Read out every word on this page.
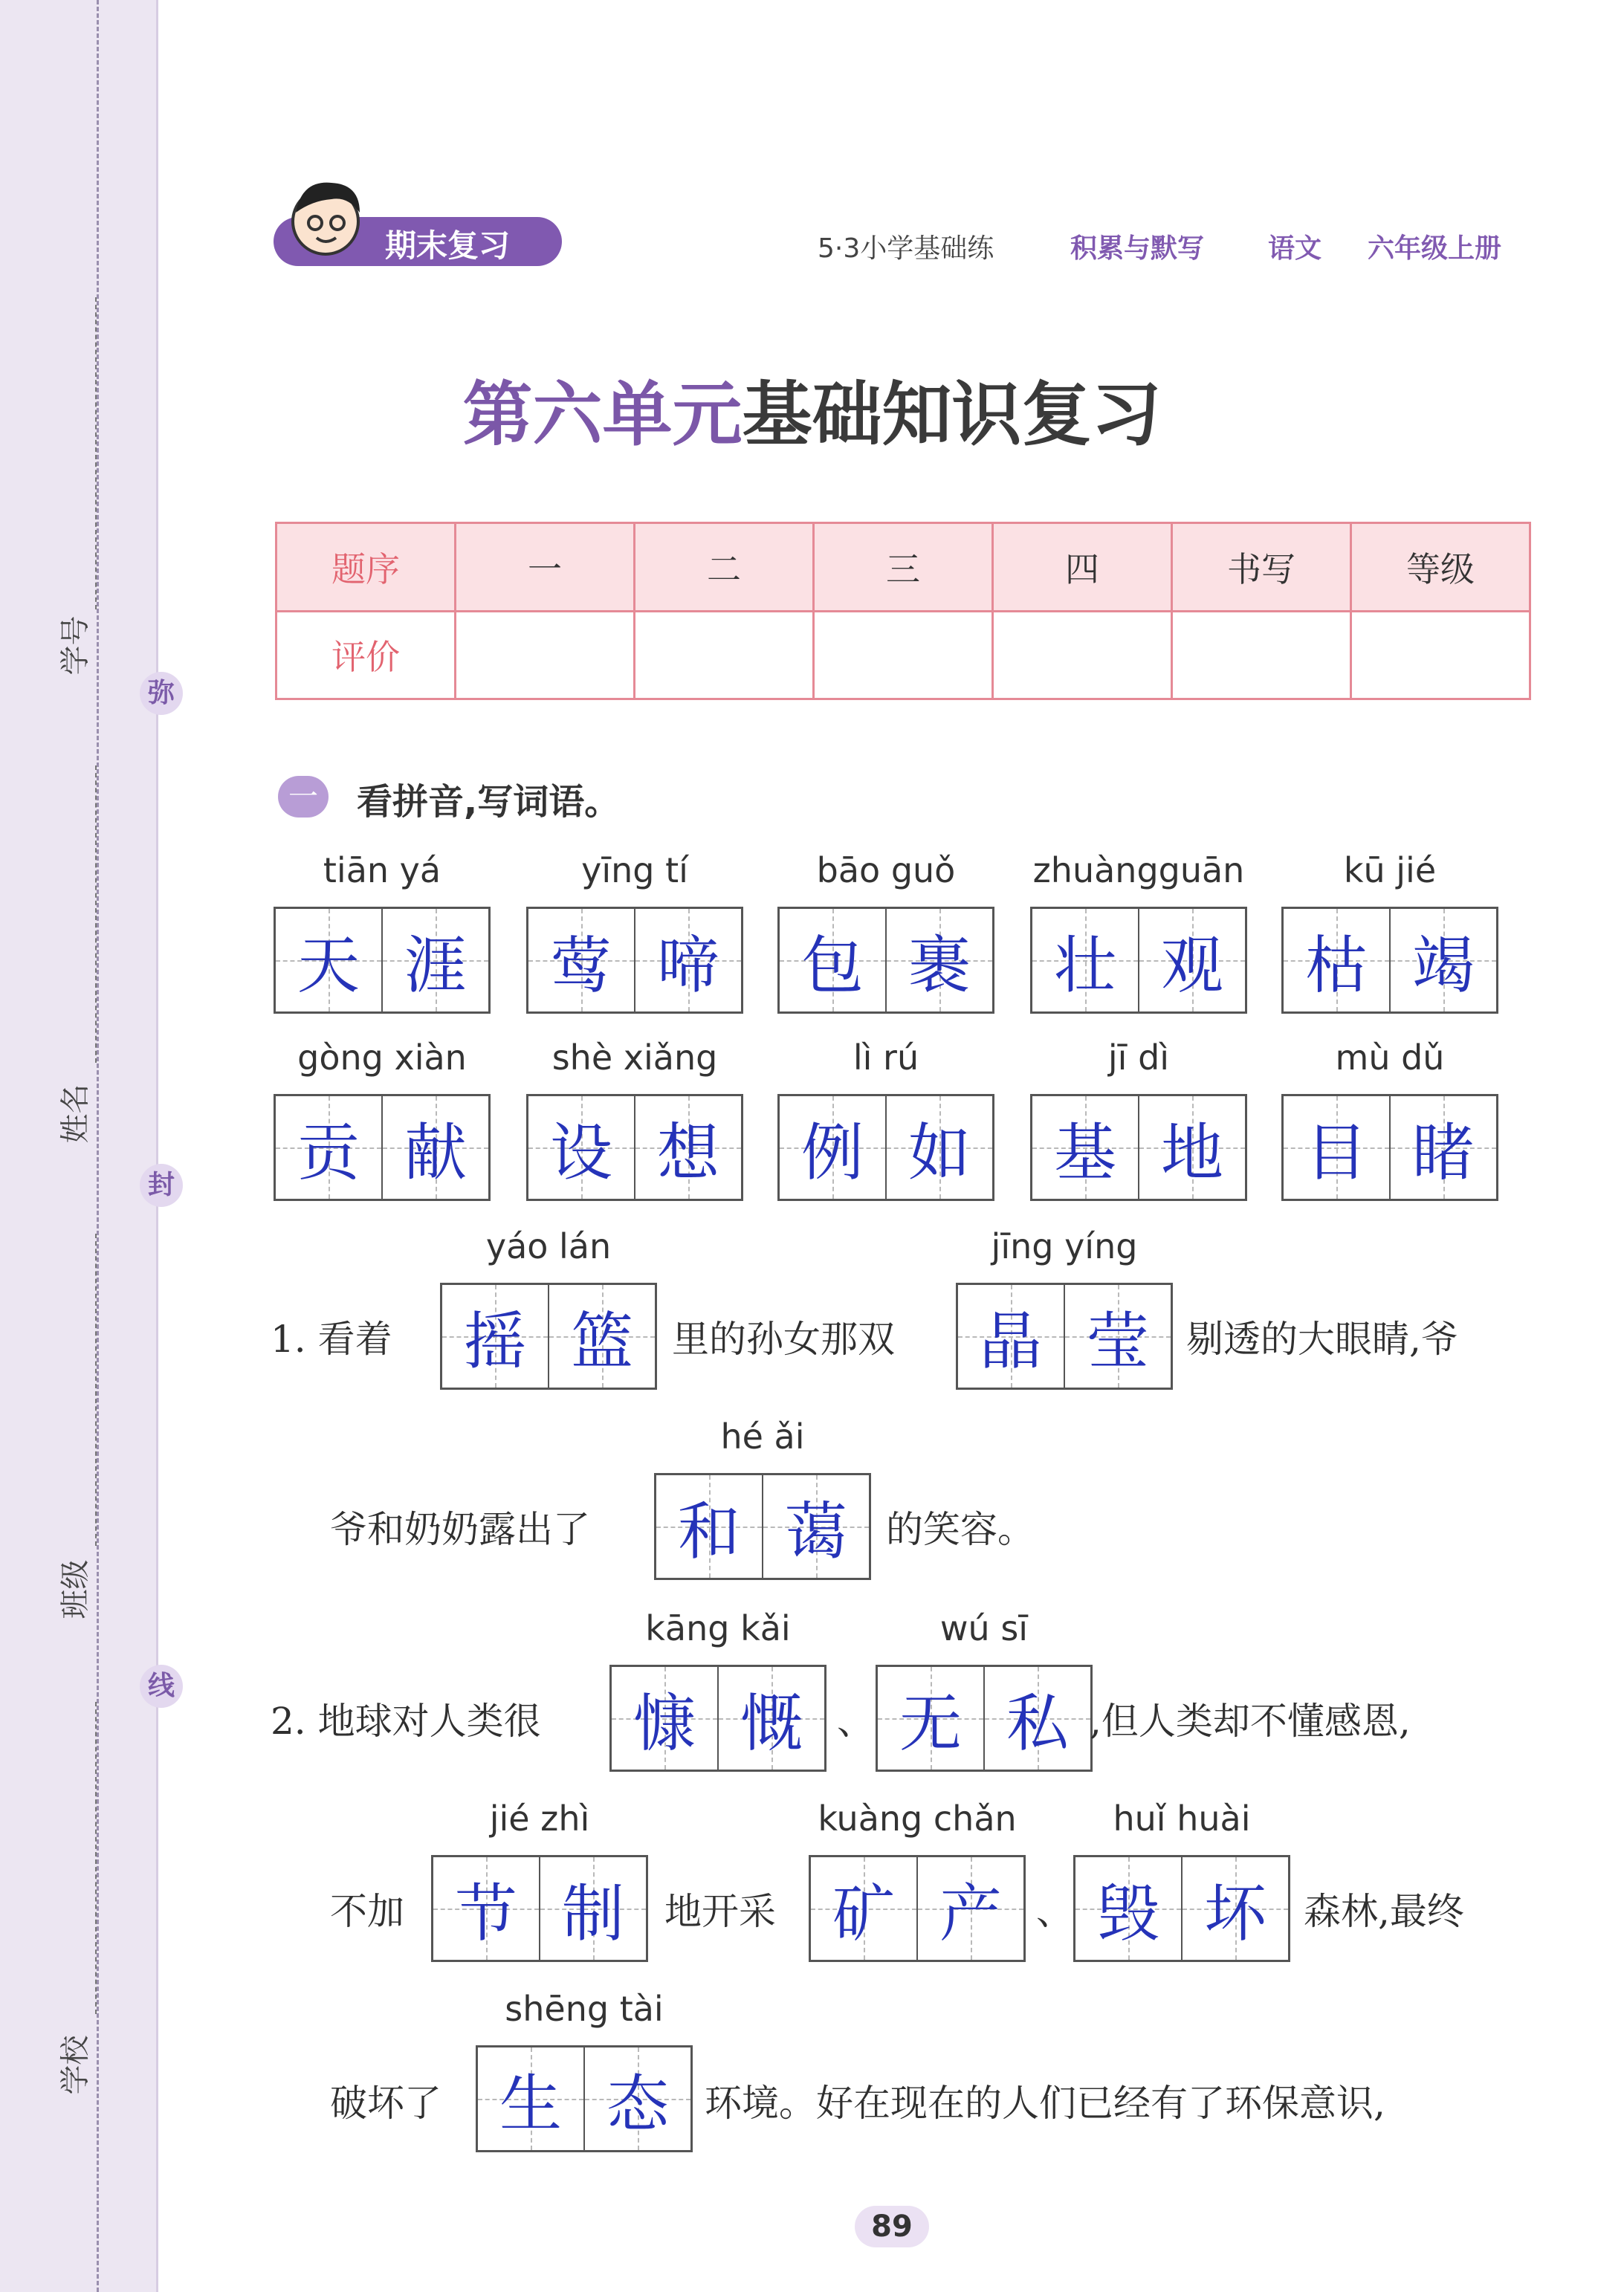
学号
姓名
班级
学校
弥
封
线
期末复习	5·3小学基础练	积累与默写 语文 六年级上册
第六单元基础知识复习
题序	一	二	三	四	书写	等级
评价						
一 看拼音,写词语。
tiān yá
天 涯
yīng tí
莺 啼
bāo guǒ
包 裹
zhuàngguān
壮 观
kū jié
枯 竭
gòng xiàn
贡 献
shè xiǎng
设 想
lì rú
例 如
jī dì
基 地
mù dǔ
目 睹
yáo lán
摇 篮
jīng yíng
晶 莹
hé ǎi
和 蔼
kāng kǎi
慷 慨
wú sī
无 私
jié zhì
节 制
kuàng chǎn
矿 产
huǐ huài
毁 坏
shēng tài
生 态
1. 看着	里的孙女那双	剔透的大眼睛,爷
爷和奶奶露出了	的笑容。
2. 地球对人类很	、	,但人类却不懂感恩,
不加	地开采	、	森林,最终
破坏了	环境。好在现在的人们已经有了环保意识,
89
